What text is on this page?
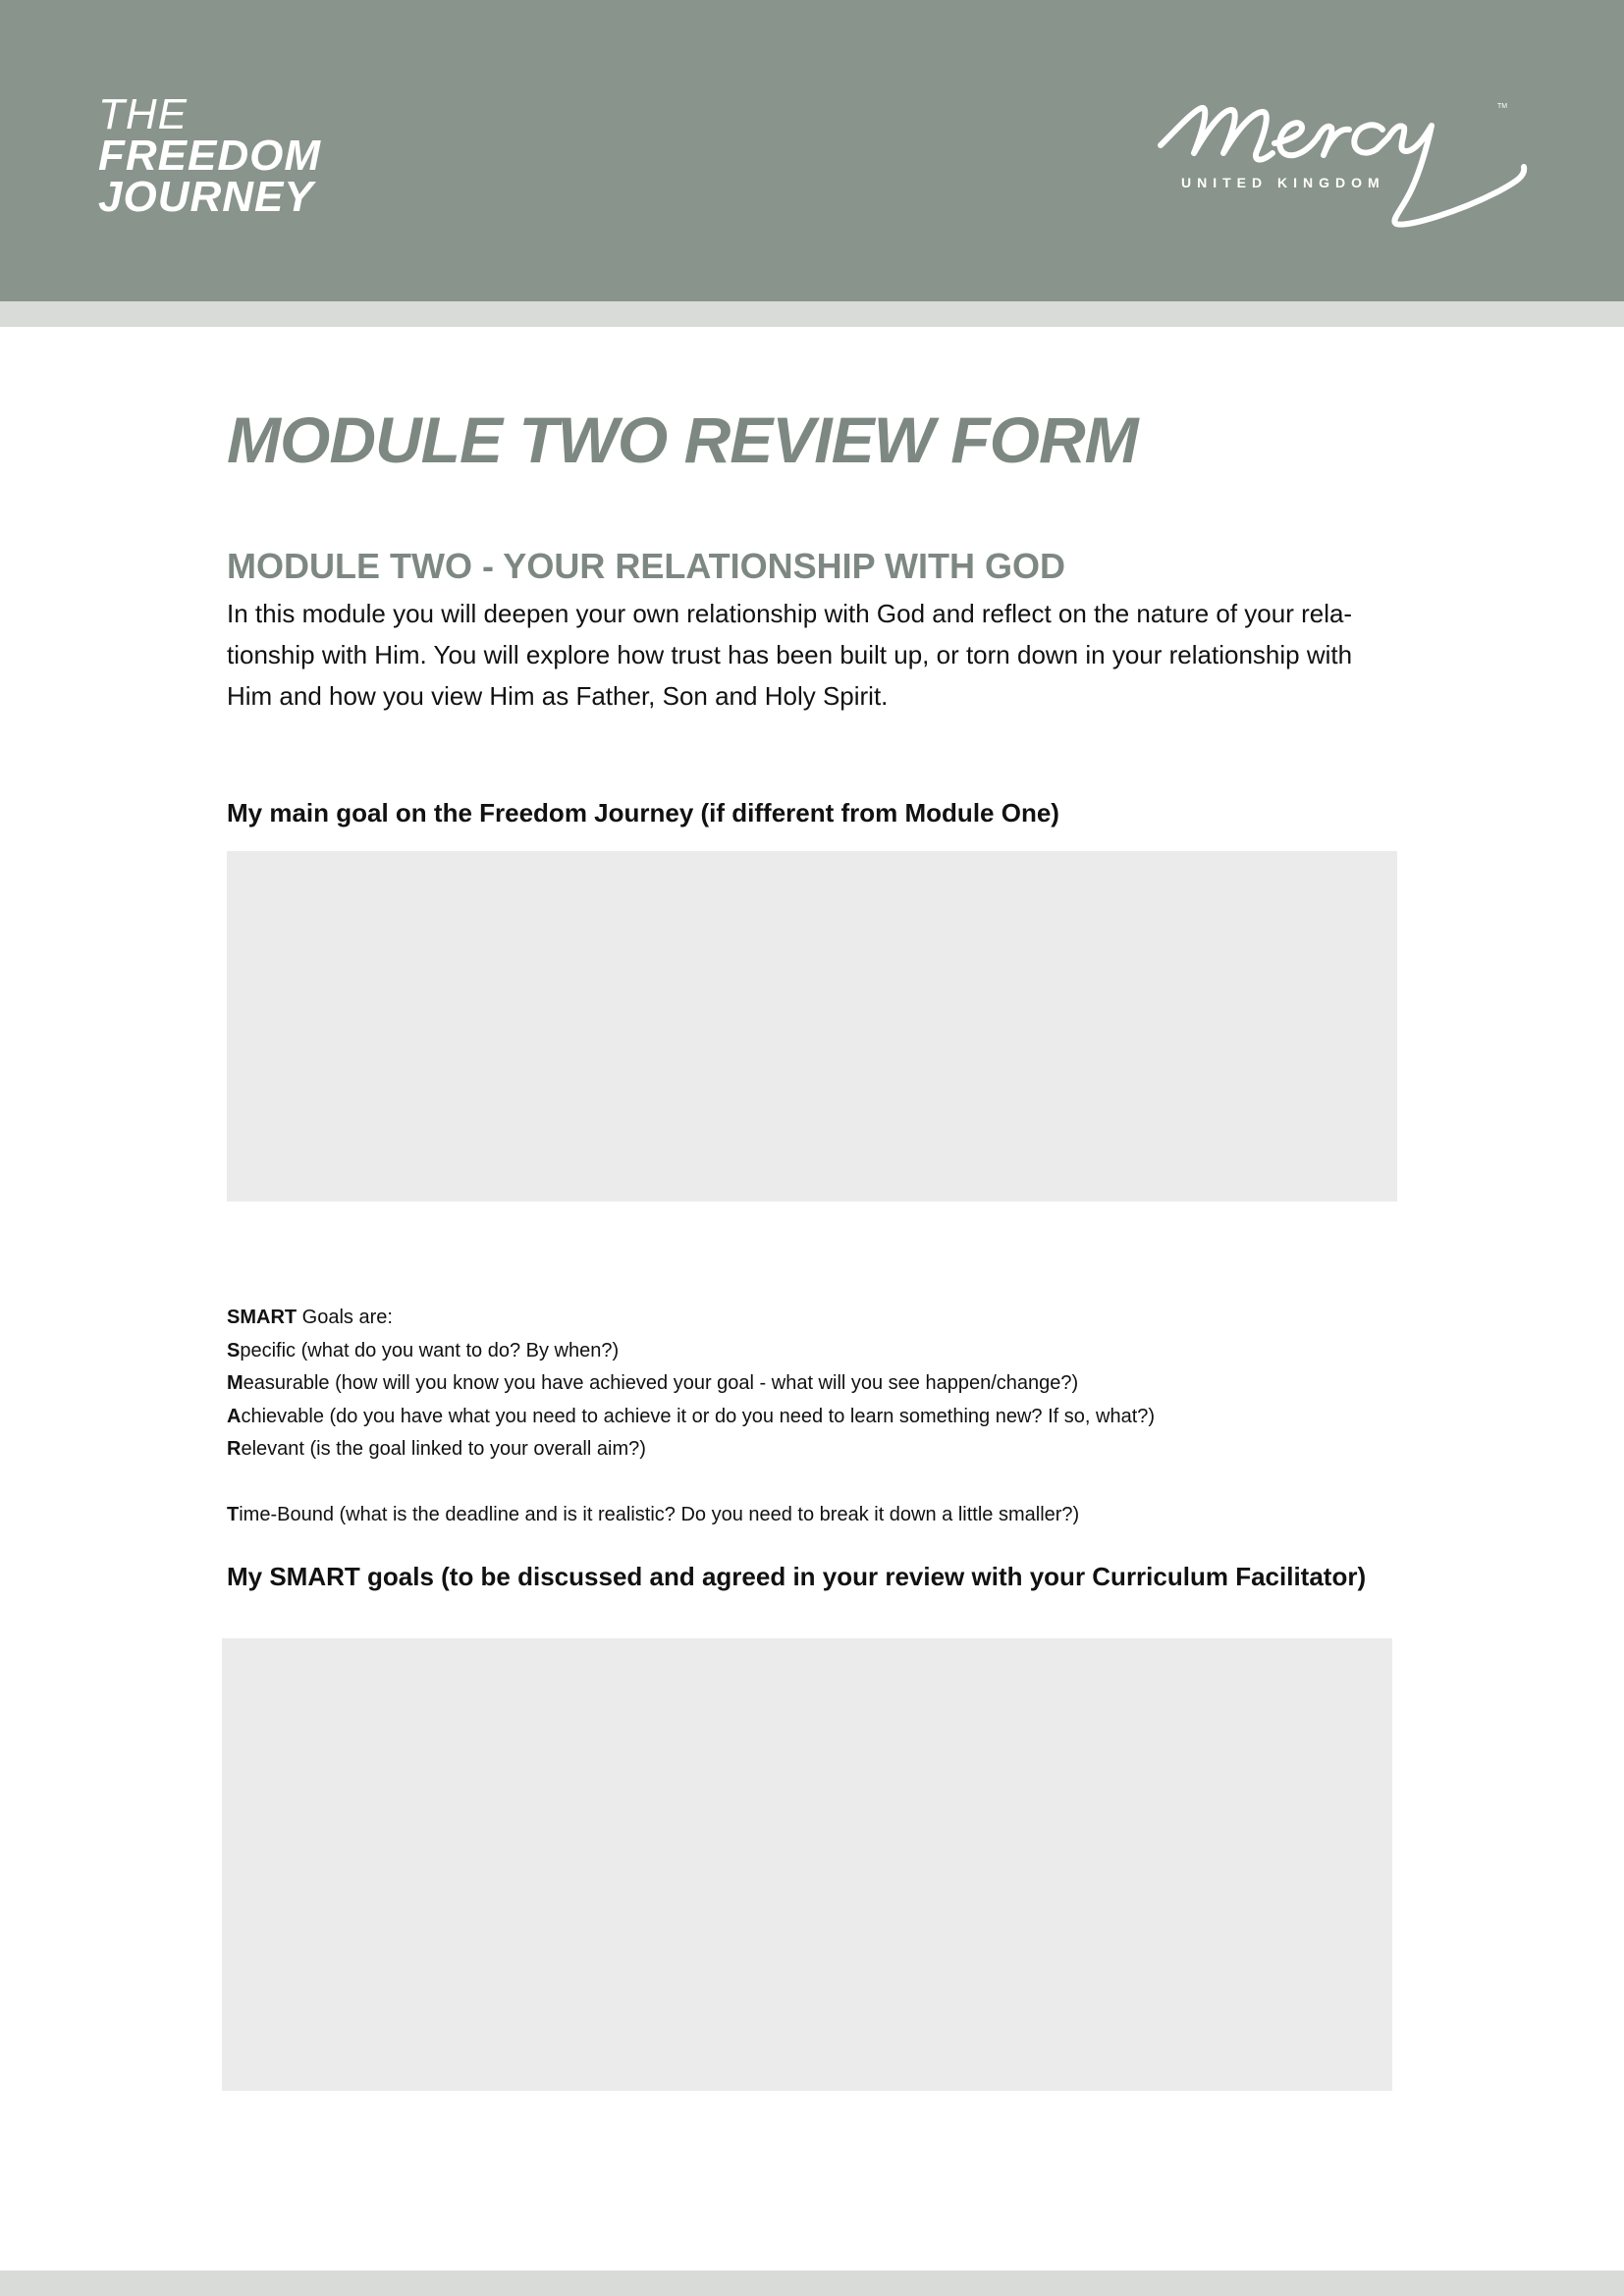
THE
FREEDOM
JOURNEY
TM
UNITED KINGDOM
MODULE TWO REVIEW FORM
MODULE TWO - YOUR RELATIONSHIP WITH GOD

In this module you will deepen your own relationship with God and reflect on the nature of your rela-tionship with Him. You will explore how trust has been built up, or torn down in your relationship with Him and how you view Him as Father, Son and Holy Spirit.

My main goal on the Freedom Journey (if different from Module One)

SMART Goals are:
Specific (what do you want to do? By when?)
Measurable (how will you know you have achieved your goal - what will you see happen/change?)
Achievable (do you have what you need to achieve it or do you need to learn something new? If so, what?)
Relevant (is the goal linked to your overall aim?)
Time-Bound (what is the deadline and is it realistic? Do you need to break it down a little smaller?)

My SMART goals (to be discussed and agreed in your review with your Curriculum Facilitator)
